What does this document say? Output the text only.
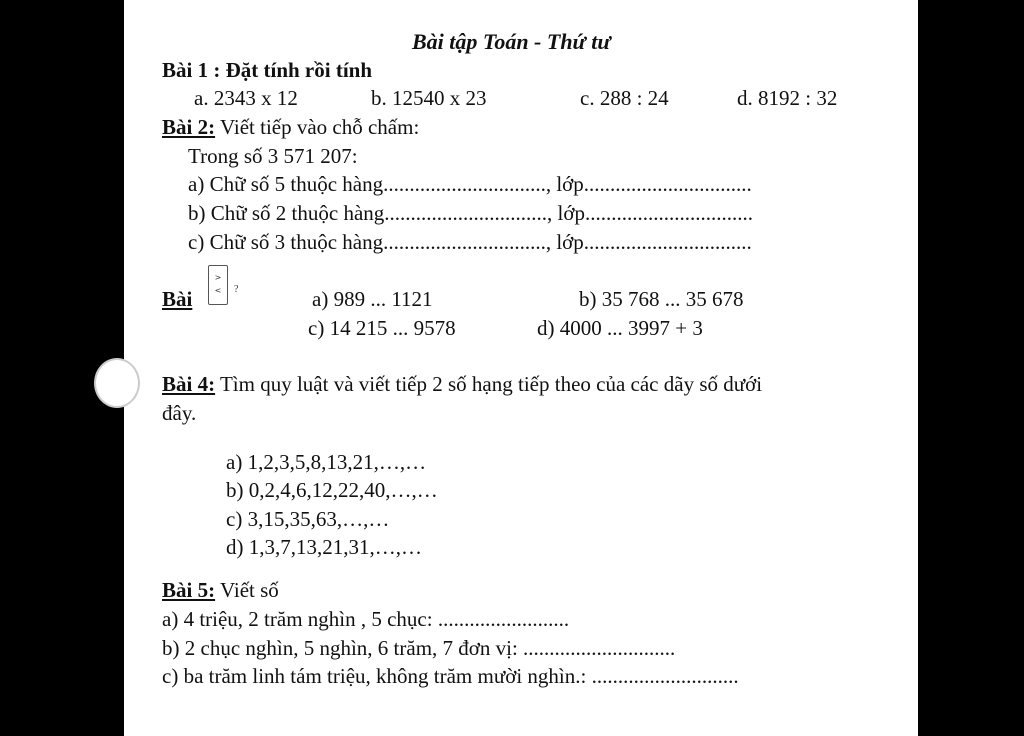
Bài tập Toán - Thứ tư
Bài 1 : Đặt tính rồi tính
a. 2343 x 12	b. 12540 x 23	c. 288 : 24	d. 8192 : 32
Bài 2: Viết tiếp vào chỗ chấm:
Trong số 3 571 207:
a) Chữ số 5 thuộc hàng..............................., lớp................................
b) Chữ số 2 thuộc hàng..............................., lớp................................
c) Chữ số 3 thuộc hàng..............................., lớp................................
Bài
>
<	?	a) 989 ... 1121	b) 35 768 ... 35 678
c) 14 215 ... 9578	d) 4000 ... 3997 + 3
Bài 4: Tìm quy luật và viết tiếp 2 số hạng tiếp theo của các dãy số dưới
đây.
a) 1,2,3,5,8,13,21,…,…
b) 0,2,4,6,12,22,40,…,…
c) 3,15,35,63,…,…
d) 1,3,7,13,21,31,…,…
Bài 5: Viết số
a) 4 triệu, 2 trăm nghìn , 5 chục: .........................
b) 2 chục nghìn, 5 nghìn, 6 trăm, 7 đơn vị: .............................
c) ba trăm linh tám triệu, không trăm mười nghìn.: ............................
